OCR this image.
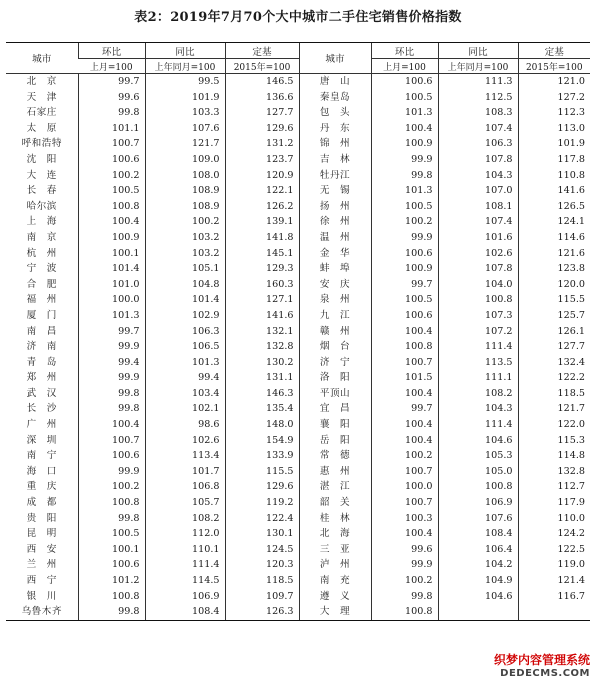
表2：2019年7月70个大中城市二手住宅销售价格指数
城市	环比	同比	定基	城市	环比	同比	定基
	上月=100	上年同月=100	2015年=100		上月=100	上年同月=100	2015年=100
北　京	99.7	99.5	146.5	唐　山	100.6	111.3	121.0
天　津	99.6	101.9	136.6	秦皇岛	100.5	112.5	127.2
石家庄	99.8	103.3	127.7	包　头	101.3	108.3	112.3
太　原	101.1	107.6	129.6	丹　东	100.4	107.4	113.0
呼和浩特	100.7	121.7	131.2	锦　州	100.9	106.3	101.9
沈　阳	100.6	109.0	123.7	吉　林	99.9	107.8	117.8
大　连	100.2	108.0	120.9	牡丹江	99.8	104.3	110.8
长　春	100.5	108.9	122.1	无　锡	101.3	107.0	141.6
哈尔滨	100.8	108.9	126.2	扬　州	100.5	108.1	126.5
上　海	100.4	100.2	139.1	徐　州	100.2	107.4	124.1
南　京	100.9	103.2	141.8	温　州	99.9	101.6	114.6
杭　州	100.1	103.2	145.1	金　华	100.6	102.6	121.6
宁　波	101.4	105.1	129.3	蚌　埠	100.9	107.8	123.8
合　肥	101.0	104.8	160.3	安　庆	99.7	104.0	120.0
福　州	100.0	101.4	127.1	泉　州	100.5	100.8	115.5
厦　门	101.3	102.9	141.6	九　江	100.6	107.3	125.7
南　昌	99.7	106.3	132.1	赣　州	100.4	107.2	126.1
济　南	99.9	106.5	132.8	烟　台	100.8	111.4	127.7
青　岛	99.4	101.3	130.2	济　宁	100.7	113.5	132.4
郑　州	99.9	99.4	131.1	洛　阳	101.5	111.1	122.2
武　汉	99.8	103.4	146.3	平顶山	100.4	108.2	118.5
长　沙	99.8	102.1	135.4	宜　昌	99.7	104.3	121.7
广　州	100.4	98.6	148.0	襄　阳	100.4	111.4	122.0
深　圳	100.7	102.6	154.9	岳　阳	100.4	104.6	115.3
南　宁	100.6	113.4	133.9	常　德	100.2	105.3	114.8
海　口	99.9	101.7	115.5	惠　州	100.7	105.0	132.8
重　庆	100.2	106.8	129.6	湛　江	100.0	100.8	112.7
成　都	100.8	105.7	119.2	韶　关	100.7	106.9	117.9
贵　阳	99.8	108.2	122.4	桂　林	100.3	107.6	110.0
昆　明	100.5	112.0	130.1	北　海	100.4	108.4	124.2
西　安	100.1	110.1	124.5	三　亚	99.6	106.4	122.5
兰　州	100.6	111.4	120.3	泸　州	99.9	104.2	119.0
西　宁	101.2	114.5	118.5	南　充	100.2	104.9	121.4
银　川	100.8	106.9	109.7	遵　义	99.8	104.6	116.7
乌鲁木齐	99.8	108.4	126.3	大　理	100.8		
织梦内容管理系统
DEDECMS.COM
